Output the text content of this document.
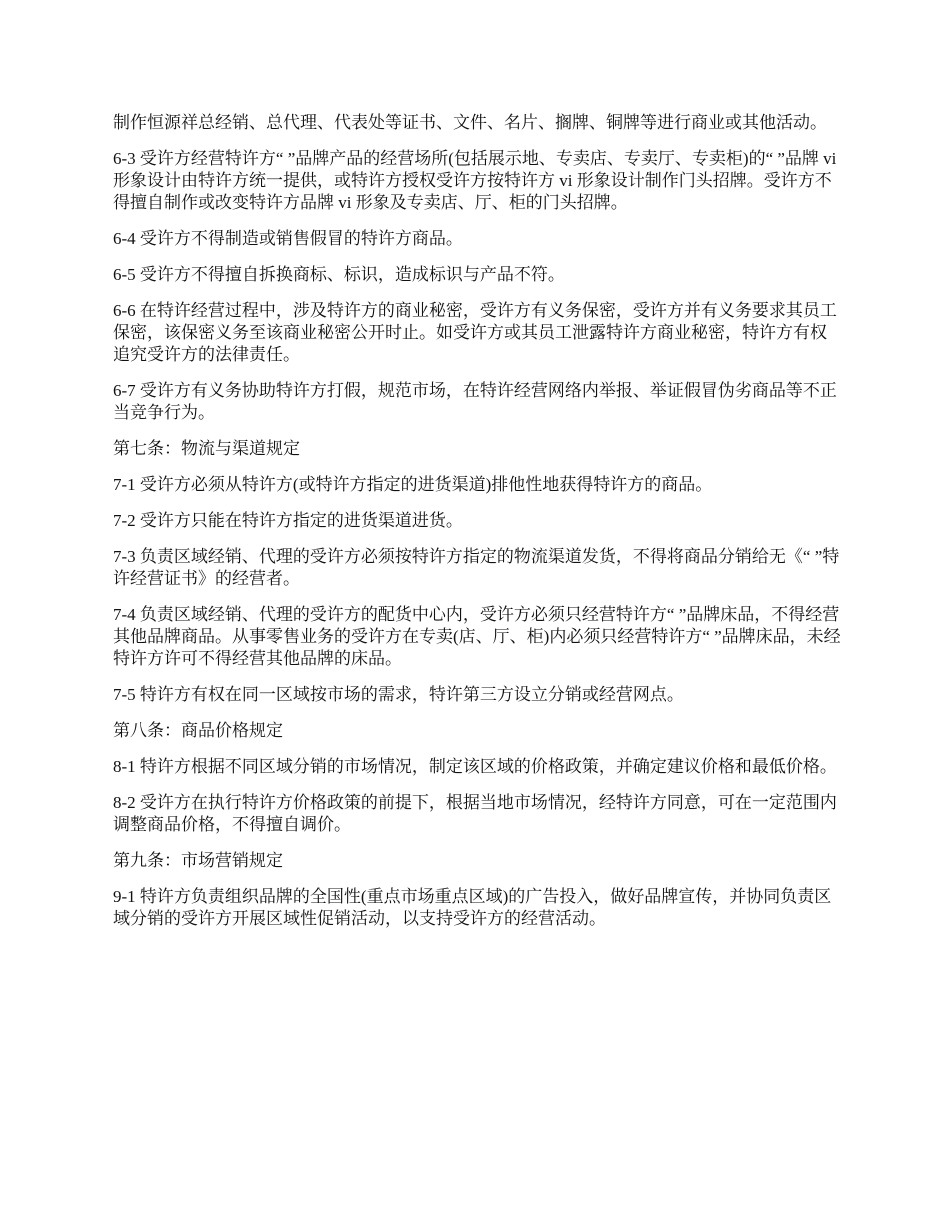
制作恒源祥总经销、总代理、代表处等证书、文件、名片、搁牌、铜牌等进行商业或其他活动。

6-3 受许方经营特许方“ ”品牌产品的经营场所(包括展示地、专卖店、专卖厅、专卖柜)的“ ”品牌 vi 形象设计由特许方统一提供，或特许方授权受许方按特许方 vi 形象设计制作门头招牌。受许方不得擅自制作或改变特许方品牌 vi 形象及专卖店、厅、柜的门头招牌。

6-4 受许方不得制造或销售假冒的特许方商品。

6-5 受许方不得擅自拆换商标、标识，造成标识与产品不符。

6-6 在特许经营过程中，涉及特许方的商业秘密，受许方有义务保密，受许方并有义务要求其员工保密，该保密义务至该商业秘密公开时止。如受许方或其员工泄露特许方商业秘密，特许方有权追究受许方的法律责任。

6-7 受许方有义务协助特许方打假，规范市场，在特许经营网络内举报、举证假冒伪劣商品等不正当竞争行为。

第七条：物流与渠道规定

7-1 受许方必须从特许方(或特许方指定的进货渠道)排他性地获得特许方的商品。

7-2 受许方只能在特许方指定的进货渠道进货。

7-3 负责区域经销、代理的受许方必须按特许方指定的物流渠道发货，不得将商品分销给无《“ ”特许经营证书》的经营者。

7-4 负责区域经销、代理的受许方的配货中心内，受许方必须只经营特许方“ ”品牌床品，不得经营其他品牌商品。从事零售业务的受许方在专卖(店、厅、柜)内必须只经营特许方“ ”品牌床品，未经特许方许可不得经营其他品牌的床品。

7-5 特许方有权在同一区域按市场的需求，特许第三方设立分销或经营网点。

第八条：商品价格规定

8-1 特许方根据不同区域分销的市场情况，制定该区域的价格政策，并确定建议价格和最低价格。

8-2 受许方在执行特许方价格政策的前提下，根据当地市场情况，经特许方同意，可在一定范围内调整商品价格，不得擅自调价。

第九条：市场营销规定

9-1 特许方负责组织品牌的全国性(重点市场重点区域)的广告投入，做好品牌宣传，并协同负责区域分销的受许方开展区域性促销活动，以支持受许方的经营活动。
